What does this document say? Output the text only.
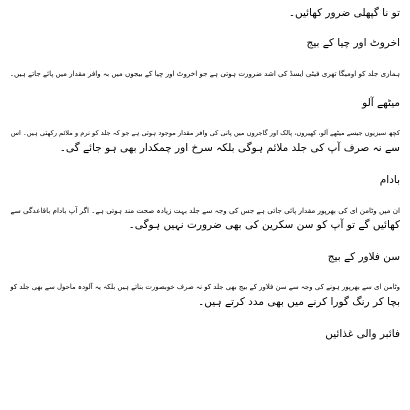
تو نا گپھلی ضرور کھائیں۔

اخروٹ اور چیا کے بیج

ہماری جلد کو اومیگا تھری فیٹی ایسڈ کی اشد ضرورت ہوتی ہے جو اخروٹ اور چیا کے بیجوں میں بہ وافر مقدار میں پائے جاتے ہیں۔

میٹھے آلو

کچھ سبزیوں جیسے میٹھے آلو، کھیروں، پالک اور گاجروں میں پانی کی وافر مقدار موجود ہوتی ہے جو کہ جلد کو نرم و ملائم رکھتی ہیں۔ اس

سے نہ صرف آپ کی جلد ملائم ہوگی بلکہ سرخ اور چمکدار بھی ہو جائے گی۔

بادام

ان میں وٹامن ای کی بھرپور مقدار پائی جاتی ہے جس کی وجہ سے جلد بہت زیادہ صحت مند ہوتی ہے۔ اگر آپ بادام باقاعدگی سے

کھائیں گے تو آپ کو سن سکرین کی بھی ضرورت نہیں ہوگی۔

سن فلاور کے بیج

وٹامن ای سے بھرپور ہونے کی وجہ سے سن فلاور کے بیج بھی جلد کو نہ صرف خوبصورت بناتے ہیں بلکہ یہ آلودہ ماحول سے بھی جلد کو

بچا کر رنگ گورا کرنے میں بھی مدد کرتے ہیں۔

فائبر والی غذائیں
